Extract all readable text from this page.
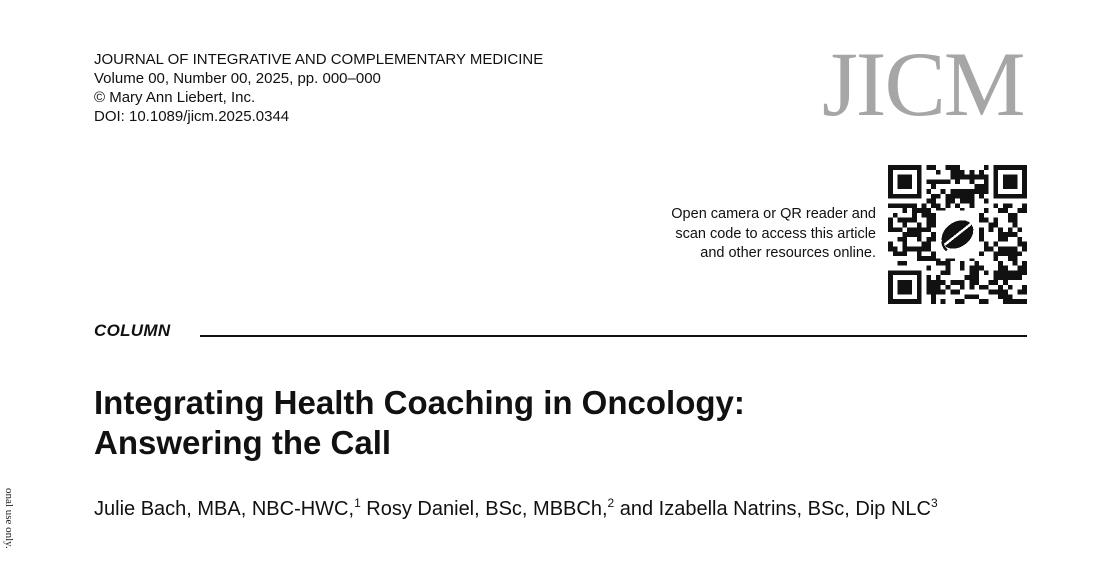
JOURNAL OF INTEGRATIVE AND COMPLEMENTARY MEDICINE
Volume 00, Number 00, 2025, pp. 000–000
© Mary Ann Liebert, Inc.
DOI: 10.1089/jicm.2025.0344	JICM
Open camera or QR reader and
scan code to access this article
and other resources online.
COLUMN
Integrating Health Coaching in Oncology:
Answering the Call
Julie Bach, MBA, NBC-HWC,$^1$ Rosy Daniel, BSc, MBBCh,$^2$ and Izabella Natrins, BSc, Dip NLC$^3$
onal use only.
